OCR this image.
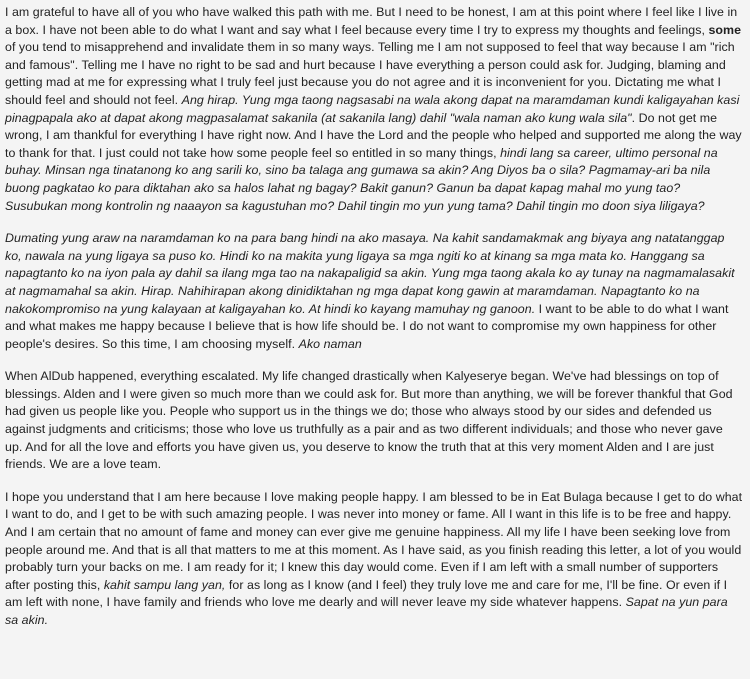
I am grateful to have all of you who have walked this path with me. But I need to be honest, I am at this point where I feel like I live in a box. I have not been able to do what I want and say what I feel because every time I try to express my thoughts and feelings, some of you tend to misapprehend and invalidate them in so many ways. Telling me I am not supposed to feel that way because I am "rich and famous". Telling me I have no right to be sad and hurt because I have everything a person could ask for. Judging, blaming and getting mad at me for expressing what I truly feel just because you do not agree and it is inconvenient for you. Dictating me what I should feel and should not feel. Ang hirap. Yung mga taong nagsasabi na wala akong dapat na maramdaman kundi kaligayahan kasi pinagpapala ako at dapat akong magpasalamat sakanila (at sakanila lang) dahil "wala naman ako kung wala sila". Do not get me wrong, I am thankful for everything I have right now. And I have the Lord and the people who helped and supported me along the way to thank for that. I just could not take how some people feel so entitled in so many things, hindi lang sa career, ultimo personal na buhay. Minsan nga tinatanong ko ang sarili ko, sino ba talaga ang gumawa sa akin? Ang Diyos ba o sila? Pagmamay-ari ba nila buong pagkatao ko para diktahan ako sa halos lahat ng bagay? Bakit ganun? Ganun ba dapat kapag mahal mo yung tao? Susubukan mong kontrolin ng naaayon sa kagustuhan mo? Dahil tingin mo yun yung tama? Dahil tingin mo doon siya liligaya?

Dumating yung araw na naramdaman ko na para bang hindi na ako masaya. Na kahit sandamakmak ang biyaya ang natatanggap ko, nawala na yung ligaya sa puso ko. Hindi ko na makita yung ligaya sa mga ngiti ko at kinang sa mga mata ko. Hanggang sa napagtanto ko na iyon pala ay dahil sa ilang mga tao na nakapaligid sa akin. Yung mga taong akala ko ay tunay na nagmamalasakit at nagmamahal sa akin. Hirap. Nahihirapan akong dinidiktahan ng mga dapat kong gawin at maramdaman. Napagtanto ko na nakokompromiso na yung kalayaan at kaligayahan ko. At hindi ko kayang mamuhay ng ganoon. I want to be able to do what I want and what makes me happy because I believe that is how life should be. I do not want to compromise my own happiness for other people's desires. So this time, I am choosing myself. Ako naman

When AlDub happened, everything escalated. My life changed drastically when Kalyeserye began. We've had blessings on top of blessings. Alden and I were given so much more than we could ask for. But more than anything, we will be forever thankful that God had given us people like you. People who support us in the things we do; those who always stood by our sides and defended us against judgments and criticisms; those who love us truthfully as a pair and as two different individuals; and those who never gave up. And for all the love and efforts you have given us, you deserve to know the truth that at this very moment Alden and I are just friends. We are a love team.

I hope you understand that I am here because I love making people happy. I am blessed to be in Eat Bulaga because I get to do what I want to do, and I get to be with such amazing people. I was never into money or fame. All I want in this life is to be free and happy. And I am certain that no amount of fame and money can ever give me genuine happiness. All my life I have been seeking love from people around me. And that is all that matters to me at this moment. As I have said, as you finish reading this letter, a lot of you would probably turn your backs on me. I am ready for it; I knew this day would come. Even if I am left with a small number of supporters after posting this, kahit sampu lang yan, for as long as I know (and I feel) they truly love me and care for me, I'll be fine. Or even if I am left with none, I have family and friends who love me dearly and will never leave my side whatever happens. Sapat na yun para sa akin.
